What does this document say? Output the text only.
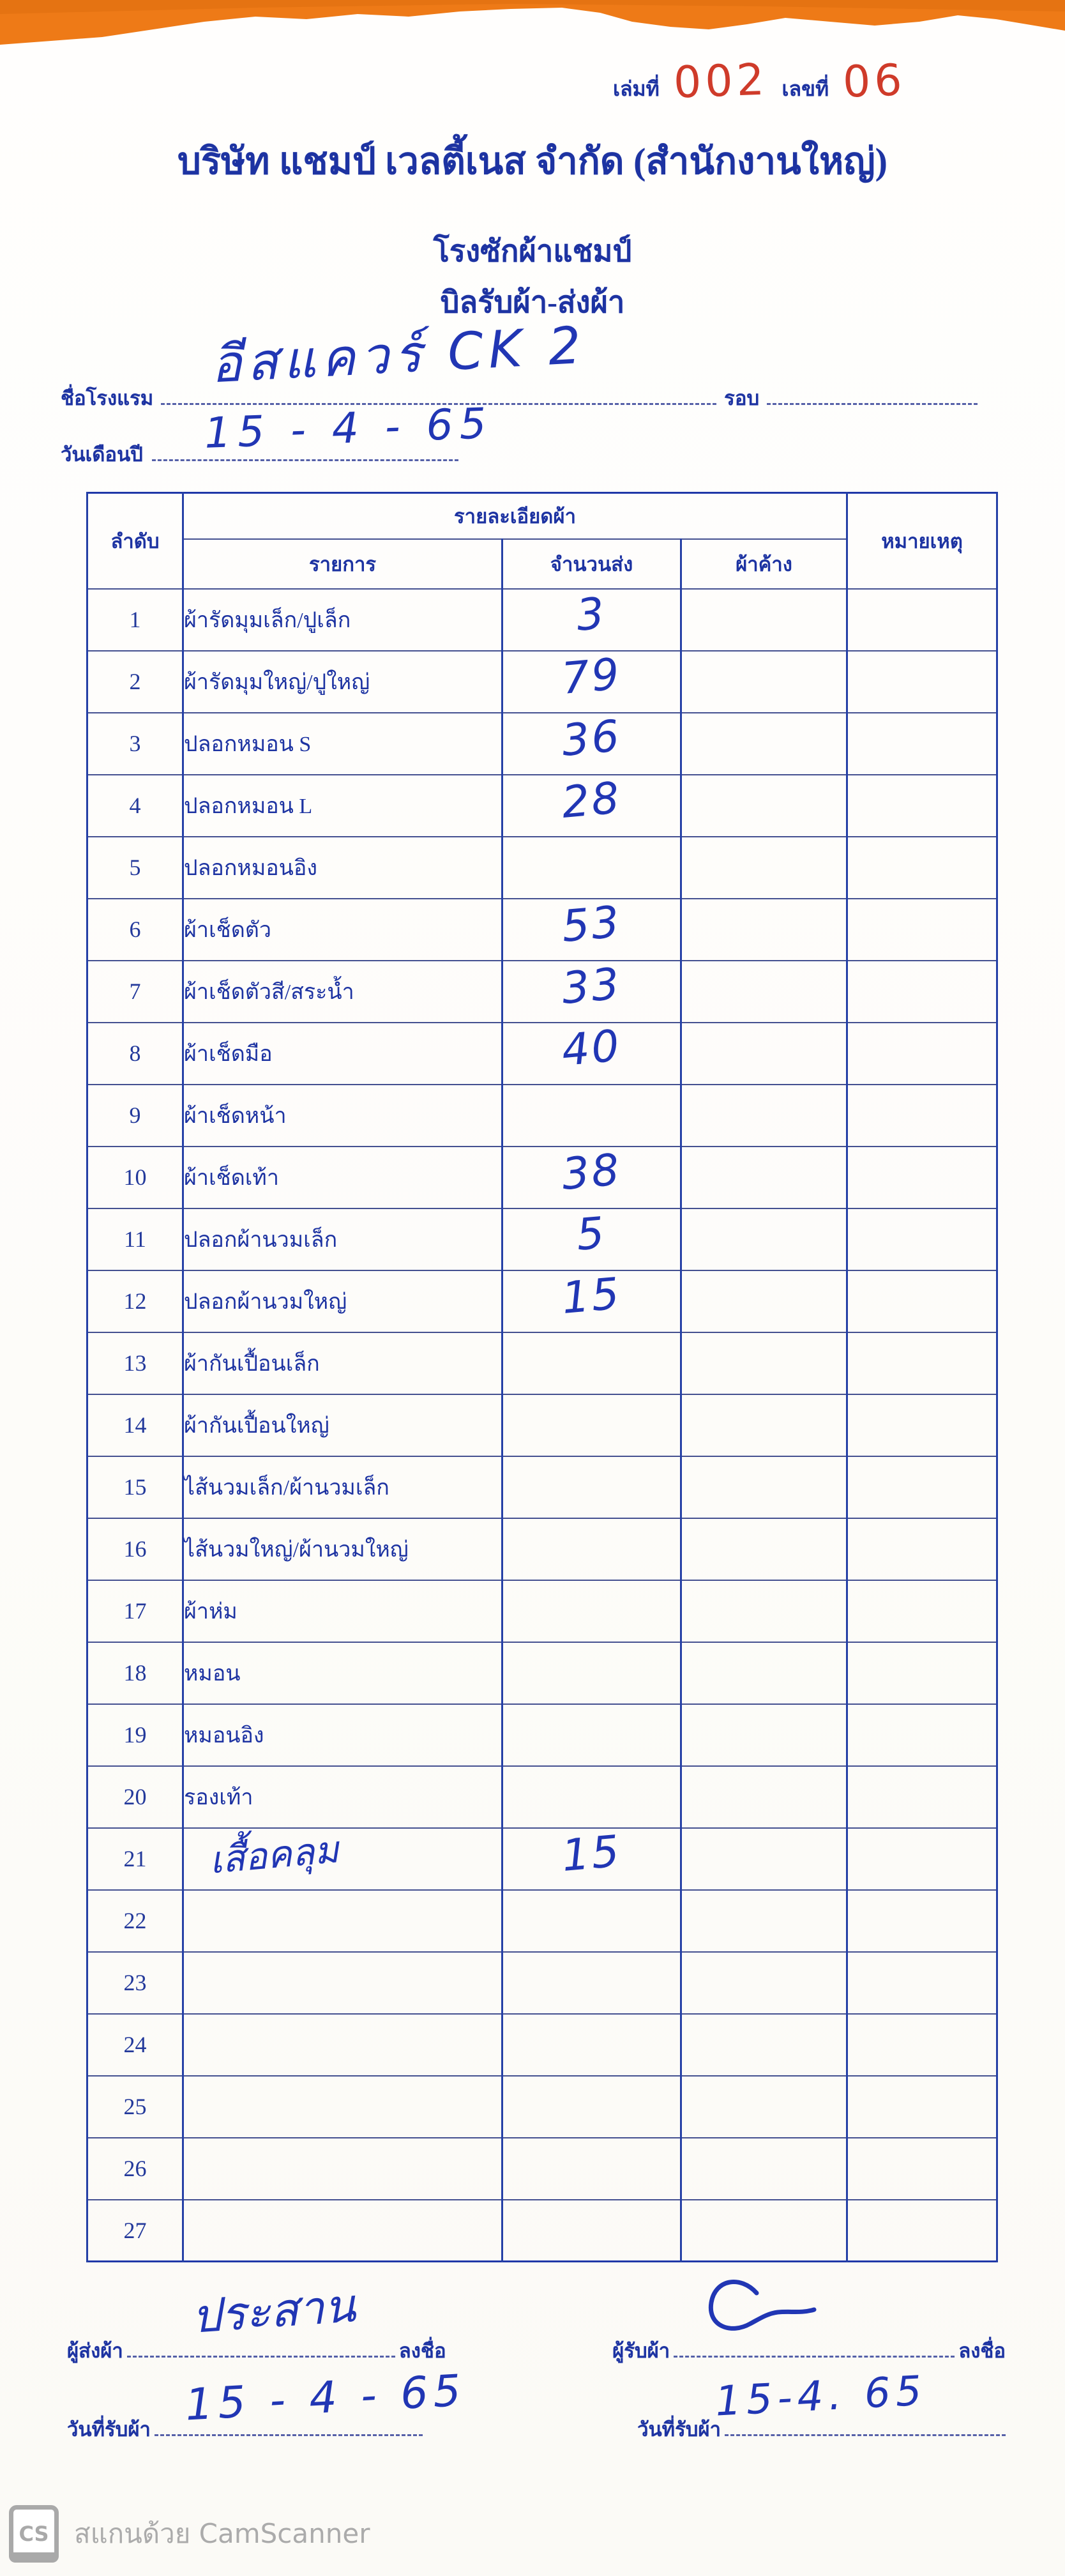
เล่มที่ 002 เลขที่ 06
บริษัท แชมป์ เวลตี้เนส จำกัด (สำนักงานใหญ่)
โรงซักผ้าแชมป์
บิลรับผ้า-ส่งผ้า
ชื่อโรงแรม	รอบ
อีสแควร์ CK 2
วันเดือนปี	15 - 4 - 65
ลำดับ	รายละเอียดผ้า			หมายเหตุ
	รายการ	จำนวนส่ง	ผ้าค้าง	
1	ผ้ารัดมุมเล็ก/ปูเล็ก	3		
2	ผ้ารัดมุมใหญ่/ปูใหญ่	79		
3	ปลอกหมอน S	36		
4	ปลอกหมอน L	28		
5	ปลอกหมอนอิง			
6	ผ้าเช็ดตัว	53		
7	ผ้าเช็ดตัวสี/สระน้ำ	33		
8	ผ้าเช็ดมือ	40		
9	ผ้าเช็ดหน้า			
10	ผ้าเช็ดเท้า	38		
11	ปลอกผ้านวมเล็ก	5		
12	ปลอกผ้านวมใหญ่	15		
13	ผ้ากันเปื้อนเล็ก			
14	ผ้ากันเปื้อนใหญ่			
15	ไส้นวมเล็ก/ผ้านวมเล็ก			
16	ไส้นวมใหญ่/ผ้านวมใหญ่			
17	ผ้าห่ม			
18	หมอน			
19	หมอนอิง			
20	รองเท้า			
21	เสื้อคลุม	15		
22				
23				
24				
25				
26				
27				
ผู้ส่งผ้า	ลงชื่อ	ผู้รับผ้า	ลงชื่อ
ประสาน
วันที่รับผ้า	วันที่รับผ้า
15 - 4 - 65	15-4. 65
CS สแกนด้วย CamScanner
